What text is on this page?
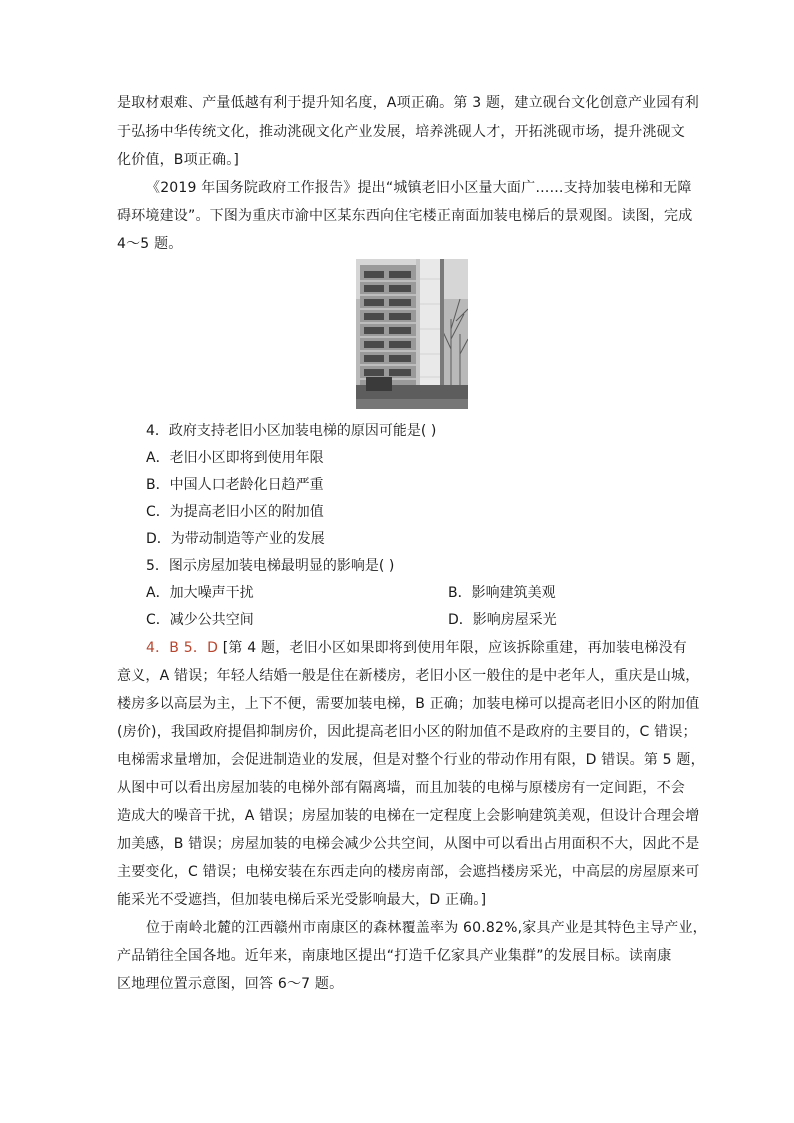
是取材艰难、产量低越有利于提升知名度，A项正确。第 3 题，建立砚台文化创意产业园有利
于弘扬中华传统文化，推动洮砚文化产业发展，培养洮砚人才，开拓洮砚市场，提升洮砚文
化价值，B项正确。]
《2019 年国务院政府工作报告》提出“城镇老旧小区量大面广……支持加装电梯和无障
碍环境建设”。下图为重庆市渝中区某东西向住宅楼正南面加装电梯后的景观图。读图，完成
4～5 题。
4．政府支持老旧小区加装电梯的原因可能是( )
A．老旧小区即将到使用年限
B．中国人口老龄化日趋严重
C．为提高老旧小区的附加值
D．为带动制造等产业的发展
5．图示房屋加装电梯最明显的影响是( )
A．加大噪声干扰	B．影响建筑美观
C．减少公共空间	D．影响房屋采光
4．B 5．D [第 4 题，老旧小区如果即将到使用年限，应该拆除重建，再加装电梯没有
意义，A 错误；年轻人结婚一般是住在新楼房，老旧小区一般住的是中老年人，重庆是山城，
楼房多以高层为主，上下不便，需要加装电梯，B 正确；加装电梯可以提高老旧小区的附加值
(房价)，我国政府提倡抑制房价，因此提高老旧小区的附加值不是政府的主要目的，C 错误；
电梯需求量增加，会促进制造业的发展，但是对整个行业的带动作用有限，D 错误。第 5 题，
从图中可以看出房屋加装的电梯外部有隔离墙，而且加装的电梯与原楼房有一定间距，不会
造成大的噪音干扰，A 错误；房屋加装的电梯在一定程度上会影响建筑美观，但设计合理会增
加美感，B 错误；房屋加装的电梯会减少公共空间，从图中可以看出占用面积不大，因此不是
主要变化，C 错误；电梯安装在东西走向的楼房南部，会遮挡楼房采光，中高层的房屋原来可
能采光不受遮挡，但加装电梯后采光受影响最大，D 正确。]
位于南岭北麓的江西赣州市南康区的森林覆盖率为 60.82%,家具产业是其特色主导产业，
产品销往全国各地。近年来，南康地区提出“打造千亿家具产业集群”的发展目标。读南康
区地理位置示意图，回答 6～7 题。
